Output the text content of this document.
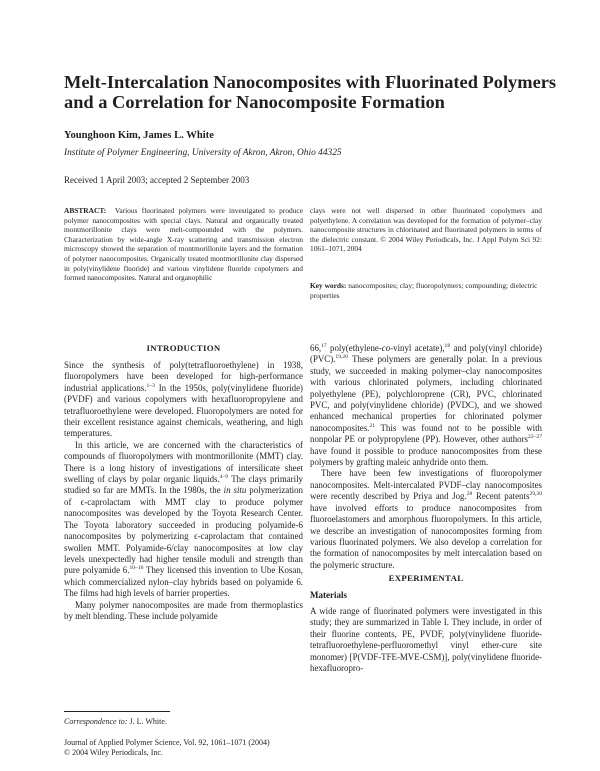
Melt-Intercalation Nanocomposites with Fluorinated Polymers and a Correlation for Nanocomposite Formation
Younghoon Kim, James L. White
Institute of Polymer Engineering, University of Akron, Akron, Ohio 44325
Received 1 April 2003; accepted 2 September 2003
ABSTRACT: Various fluorinated polymers were investigated to produce polymer nanocomposites with special clays. Natural and organically treated montmorillonite clays were melt-compounded with the polymers. Characterization by wide-angle X-ray scattering and transmission electron microscopy showed the separation of montmorillonite layers and the formation of polymer nanocomposites. Organically treated montmorillonite clay dispersed in poly(vinylidene fluoride) and various vinylidene fluoride copolymers and formed nanocomposites. Natural and organophilic
clays were not well dispersed in other fluorinated copolymers and polyethylene. A correlation was developed for the formation of polymer–clay nanocomposite structures in chlorinated and fluorinated polymers in terms of the dielectric constant. © 2004 Wiley Periodicals, Inc. J Appl Polym Sci 92: 1061–1071, 2004
Key words: nanocomposites; clay; fluoropolymers; compounding; dielectric properties
INTRODUCTION

Since the synthesis of poly(tetrafluoroethylene) in 1938, fluoropolymers have been developed for high-performance industrial applications.$^{1-3}$ In the 1950s, poly(vinylidene fluoride) (PVDF) and various copolymers with hexafluoropropylene and tetrafluoroethylene were developed. Fluoropolymers are noted for their excellent resistance against chemicals, weathering, and high temperatures.

In this article, we are concerned with the characteristics of compounds of fluoropolymers with montmorillonite (MMT) clay. There is a long history of investigations of intersilicate sheet swelling of clays by polar organic liquids.$^{4-9}$ The clays primarily studied so far are MMTs. In the 1980s, the in situ polymerization of ϵ-caprolactam with MMT clay to produce polymer nanocomposites was developed by the Toyota Research Center. The Toyota laboratory succeeded in producing polyamide-6 nanocomposites by polymerizing ϵ-caprolactam that contained swollen MMT. Polyamide-6/clay nanocomposites at low clay levels unexpectedly had higher tensile moduli and strength than pure polyamide 6.$^{10-16}$ They licensed this invention to Ube Kosan, which commercialized nylon–clay hybrids based on polyamide 6. The films had high levels of barrier properties.

Many polymer nanocomposites are made from thermoplastics by melt blending. These include polyamide

66,17 poly(ethylene-co-vinyl acetate),$^{18}$ and poly(vinyl chloride) (PVC).$^{19,20}$ These polymers are generally polar. In a previous study, we succeeded in making polymer–clay nanocomposites with various chlorinated polymers, including chlorinated polyethylene (PE), polychloroprene (CR), PVC, chlorinated PVC, and poly(vinylidene chloride) (PVDC), and we showed enhanced mechanical properties for chlorinated polymer nanocomposites.$^{21}$ This was found not to be possible with nonpolar PE or polypropylene (PP). However, other authors$^{22-27}$ have found it possible to produce nanocomposites from these polymers by grafting maleic anhydride onto them.

There have been few investigations of fluoropolymer nanocomposites. Melt-intercalated PVDF–clay nanocomposites were recently described by Priya and Jog.$^{28}$ Recent patents$^{29,30}$ have involved efforts to produce nanocomposites from fluoroelastomers and amorphous fluoropolymers. In this article, we describe an investigation of nanocomposites forming from various fluorinated polymers. We also develop a correlation for the formation of nanocomposites by melt intercalation based on the polymeric structure.

EXPERIMENTAL
Materials

A wide range of fluorinated polymers were investigated in this study; they are summarized in Table I. They include, in order of their fluorine contents, PE, PVDF, poly(vinylidene fluoride-tetrafluoroethylene-perfluoromethyl vinyl ether-cure site monomer) [P(VDF-TFE-MVE-CSM)], poly(vinylidene fluoride-hexafluoropro-

Correspondence to: J. L. White.
Journal of Applied Polymer Science, Vol. 92, 1061–1071 (2004)
© 2004 Wiley Periodicals, Inc.
